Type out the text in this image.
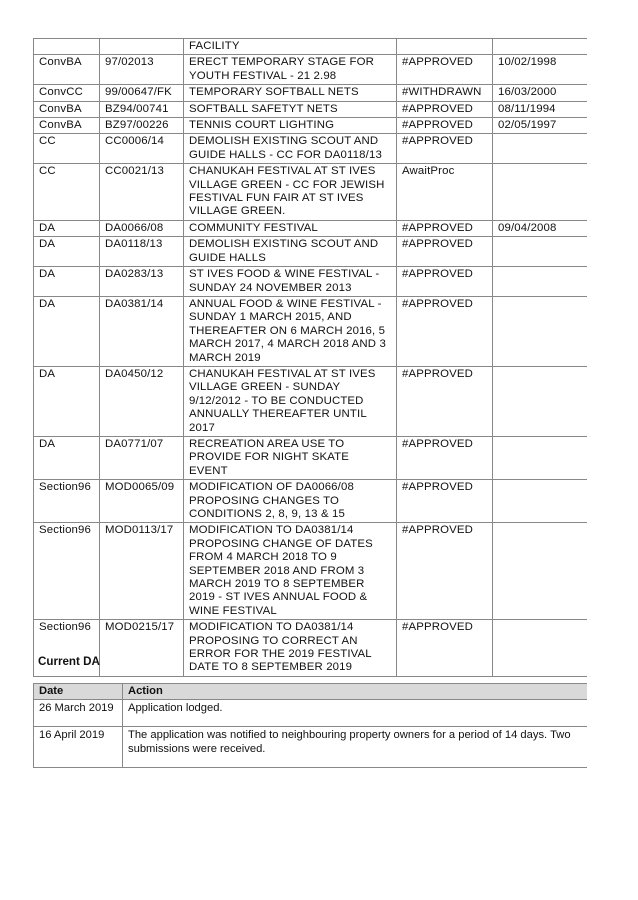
		FACILITY		
ConvBA	97/02013	ERECT TEMPORARY STAGE FOR YOUTH FESTIVAL - 21 2.98	#APPROVED	10/02/1998
ConvCC	99/00647/FK	TEMPORARY SOFTBALL NETS	#WITHDRAWN	16/03/2000
ConvBA	BZ94/00741	SOFTBALL SAFETYT NETS	#APPROVED	08/11/1994
ConvBA	BZ97/00226	TENNIS COURT LIGHTING	#APPROVED	02/05/1997
CC	CC0006/14	DEMOLISH EXISTING SCOUT AND GUIDE HALLS - CC FOR DA0118/13	#APPROVED	
CC	CC0021/13	CHANUKAH FESTIVAL AT ST IVES VILLAGE GREEN - CC FOR JEWISH FESTIVAL FUN FAIR AT ST IVES VILLAGE GREEN.	AwaitProc	
DA	DA0066/08	COMMUNITY FESTIVAL	#APPROVED	09/04/2008
DA	DA0118/13	DEMOLISH EXISTING SCOUT AND GUIDE HALLS	#APPROVED	
DA	DA0283/13	ST IVES FOOD & WINE FESTIVAL - SUNDAY 24 NOVEMBER 2013	#APPROVED	
DA	DA0381/14	ANNUAL FOOD & WINE FESTIVAL - SUNDAY 1 MARCH 2015, AND THEREAFTER ON 6 MARCH 2016, 5 MARCH 2017, 4 MARCH 2018 AND 3 MARCH 2019	#APPROVED	
DA	DA0450/12	CHANUKAH FESTIVAL AT ST IVES VILLAGE GREEN - SUNDAY 9/12/2012 - TO BE CONDUCTED ANNUALLY THEREAFTER UNTIL 2017	#APPROVED	
DA	DA0771/07	RECREATION AREA USE TO PROVIDE FOR NIGHT SKATE EVENT	#APPROVED	
Section96	MOD0065/09	MODIFICATION OF DA0066/08 PROPOSING CHANGES TO CONDITIONS 2, 8, 9, 13 & 15	#APPROVED	
Section96	MOD0113/17	MODIFICATION TO DA0381/14 PROPOSING CHANGE OF DATES FROM 4 MARCH 2018 TO 9 SEPTEMBER 2018 AND FROM 3 MARCH 2019 TO 8 SEPTEMBER 2019 - ST IVES ANNUAL FOOD & WINE FESTIVAL	#APPROVED	
Section96	MOD0215/17	MODIFICATION TO DA0381/14 PROPOSING TO CORRECT AN ERROR FOR THE 2019 FESTIVAL DATE TO 8 SEPTEMBER 2019	#APPROVED	
Current DA
Date	Action
26 March 2019	Application lodged.
16 April 2019	The application was notified to neighbouring property owners for a period of 14 days. Two submissions were received.
